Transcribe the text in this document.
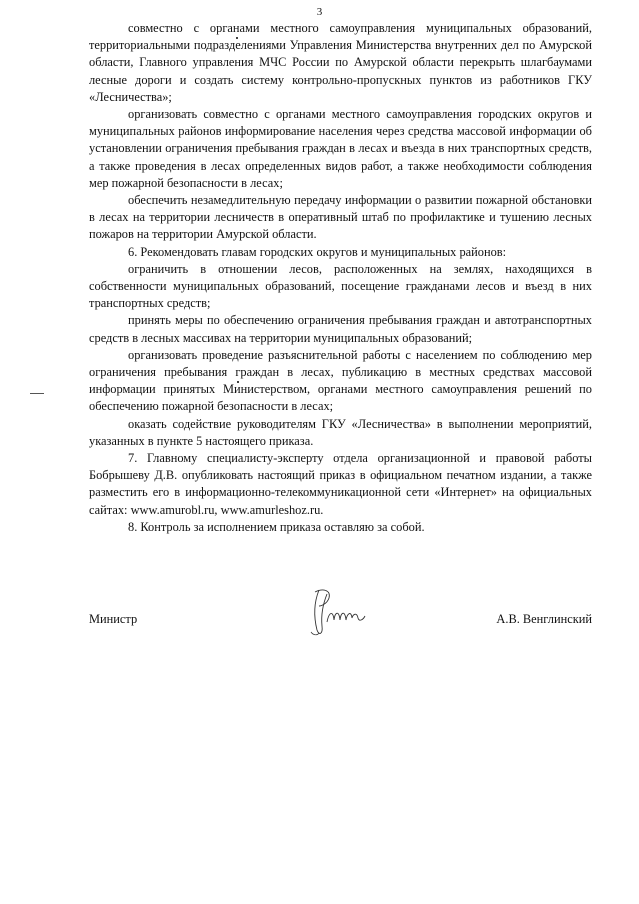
3

совместно с органами местного самоуправления муниципальных образований, территориальными подразделениями Управления Министерства внутренних дел по Амурской области, Главного управления МЧС России по Амурской области перекрыть шлагбаумами лесные дороги и создать систему контрольно-пропускных пунктов из работников ГКУ «Лесничества»;

организовать совместно с органами местного самоуправления городских округов и муниципальных районов информирование населения через средства массовой информации об установлении ограничения пребывания граждан в лесах и въезда в них транспортных средств, а также проведения в лесах определенных видов работ, а также необходимости соблюдения мер пожарной безопасности в лесах;

обеспечить незамедлительную передачу информации о развитии пожарной обстановки в лесах на территории лесничеств в оперативный штаб по профилактике и тушению лесных пожаров на территории Амурской области.

6. Рекомендовать главам городских округов и муниципальных районов:

ограничить в отношении лесов, расположенных на землях, находящихся в собственности муниципальных образований, посещение гражданами лесов и въезд в них транспортных средств;

принять меры по обеспечению ограничения пребывания граждан и автотранспортных средств в лесных массивах на территории муниципальных образований;

организовать проведение разъяснительной работы с населением по соблюдению мер ограничения пребывания граждан в лесах, публикацию в местных средствах массовой информации принятых Министерством, органами местного самоуправления решений по обеспечению пожарной безопасности в лесах;

оказать содействие руководителям ГКУ «Лесничества» в выполнении мероприятий, указанных в пункте 5 настоящего приказа.

7. Главному специалисту-эксперту отдела организационной и правовой работы Бобрышеву Д.В. опубликовать настоящий приказ в официальном печатном издании, а также разместить его в информационно-телекоммуникационной сети «Интернет» на официальных сайтах: www.amurobl.ru, www.amurleshoz.ru.

8. Контроль за исполнением приказа оставляю за собой.

Министр	А.В. Венглинский
